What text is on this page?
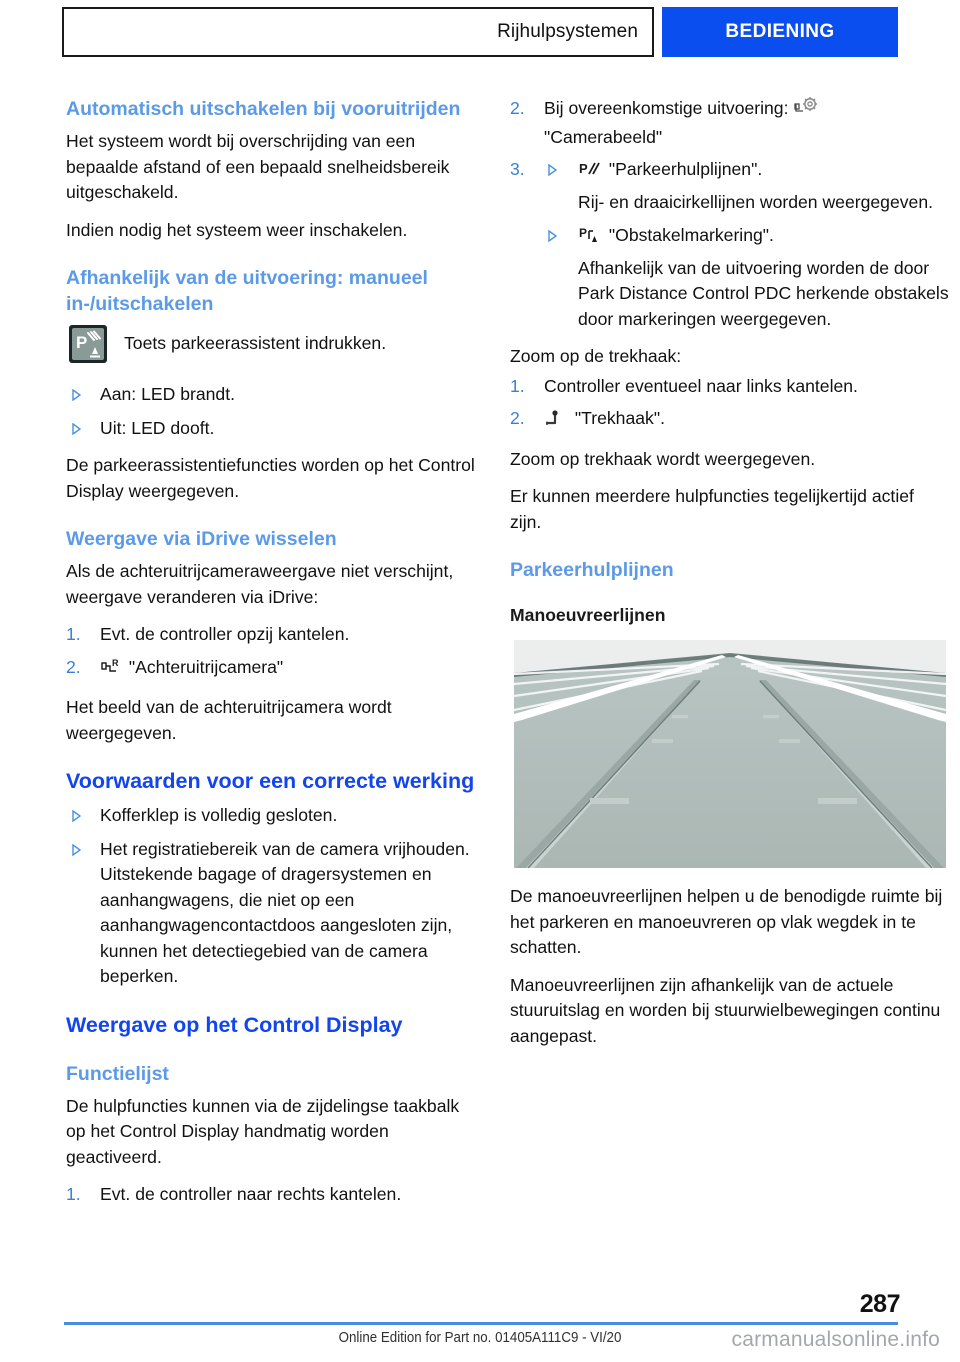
Rijhulpsystemen	BEDIENING
Automatisch uitschakelen bij vooruitrijden

Het systeem wordt bij overschrijding van een bepaalde afstand of een bepaald snelheidsbereik uitgeschakeld.

Indien nodig het systeem weer inschakelen.

Afhankelijk van de uitvoering: manueel in-/uitschakelen
P Toets parkeerassistent indrukken.
Aan: LED brandt.
Uit: LED dooft.

De parkeerassistentiefuncties worden op het Control Display weergegeven.

Weergave via iDrive wisselen

Als de achteruitrijcameraweergave niet verschijnt, weergave veranderen via iDrive:

1.	Evt. de controller opzij kantelen.
2.	R "Achteruitrijcamera"

Het beeld van de achteruitrijcamera wordt weergegeven.

Voorwaarden voor een correcte werking
Kofferklep is volledig gesloten.
Het registratiebereik van de camera vrijhouden. Uitstekende bagage of dragersystemen en aanhangwagens, die niet op een aanhangwagencontactdoos aangesloten zijn, kunnen het detectiegebied van de camera beperken.
Weergave op het Control Display
Functielijst

De hulpfuncties kunnen via de zijdelingse taakbalk op het Control Display handmatig worden geactiveerd.

1.	Evt. de controller naar rechts kantelen.
2.	Bij overeenkomstige uitvoering:
"Camerabeeld"
3.	P "Parkeerhulplijnen".
Rij- en draaicirkellijnen worden weergegeven.
P "Obstakelmarkering".
Afhankelijk van de uitvoering worden de door Park Distance Control PDC herkende obstakels door markeringen weergegeven.

Zoom op de trekhaak:

1.	Controller eventueel naar links kantelen.
2.	"Trekhaak".

Zoom op trekhaak wordt weergegeven.

Er kunnen meerdere hulpfuncties tegelijkertijd actief zijn.

Parkeerhulplijnen
Manoeuvreerlijnen

De manoeuvreerlijnen helpen u de benodigde ruimte bij het parkeren en manoeuvreren op vlak wegdek in te schatten.

Manoeuvreerlijnen zijn afhankelijk van de actuele stuuruitslag en worden bij stuurwielbewegingen continu aangepast.

287
Online Edition for Part no. 01405A111C9 - VI/20	carmanualsonline.info
